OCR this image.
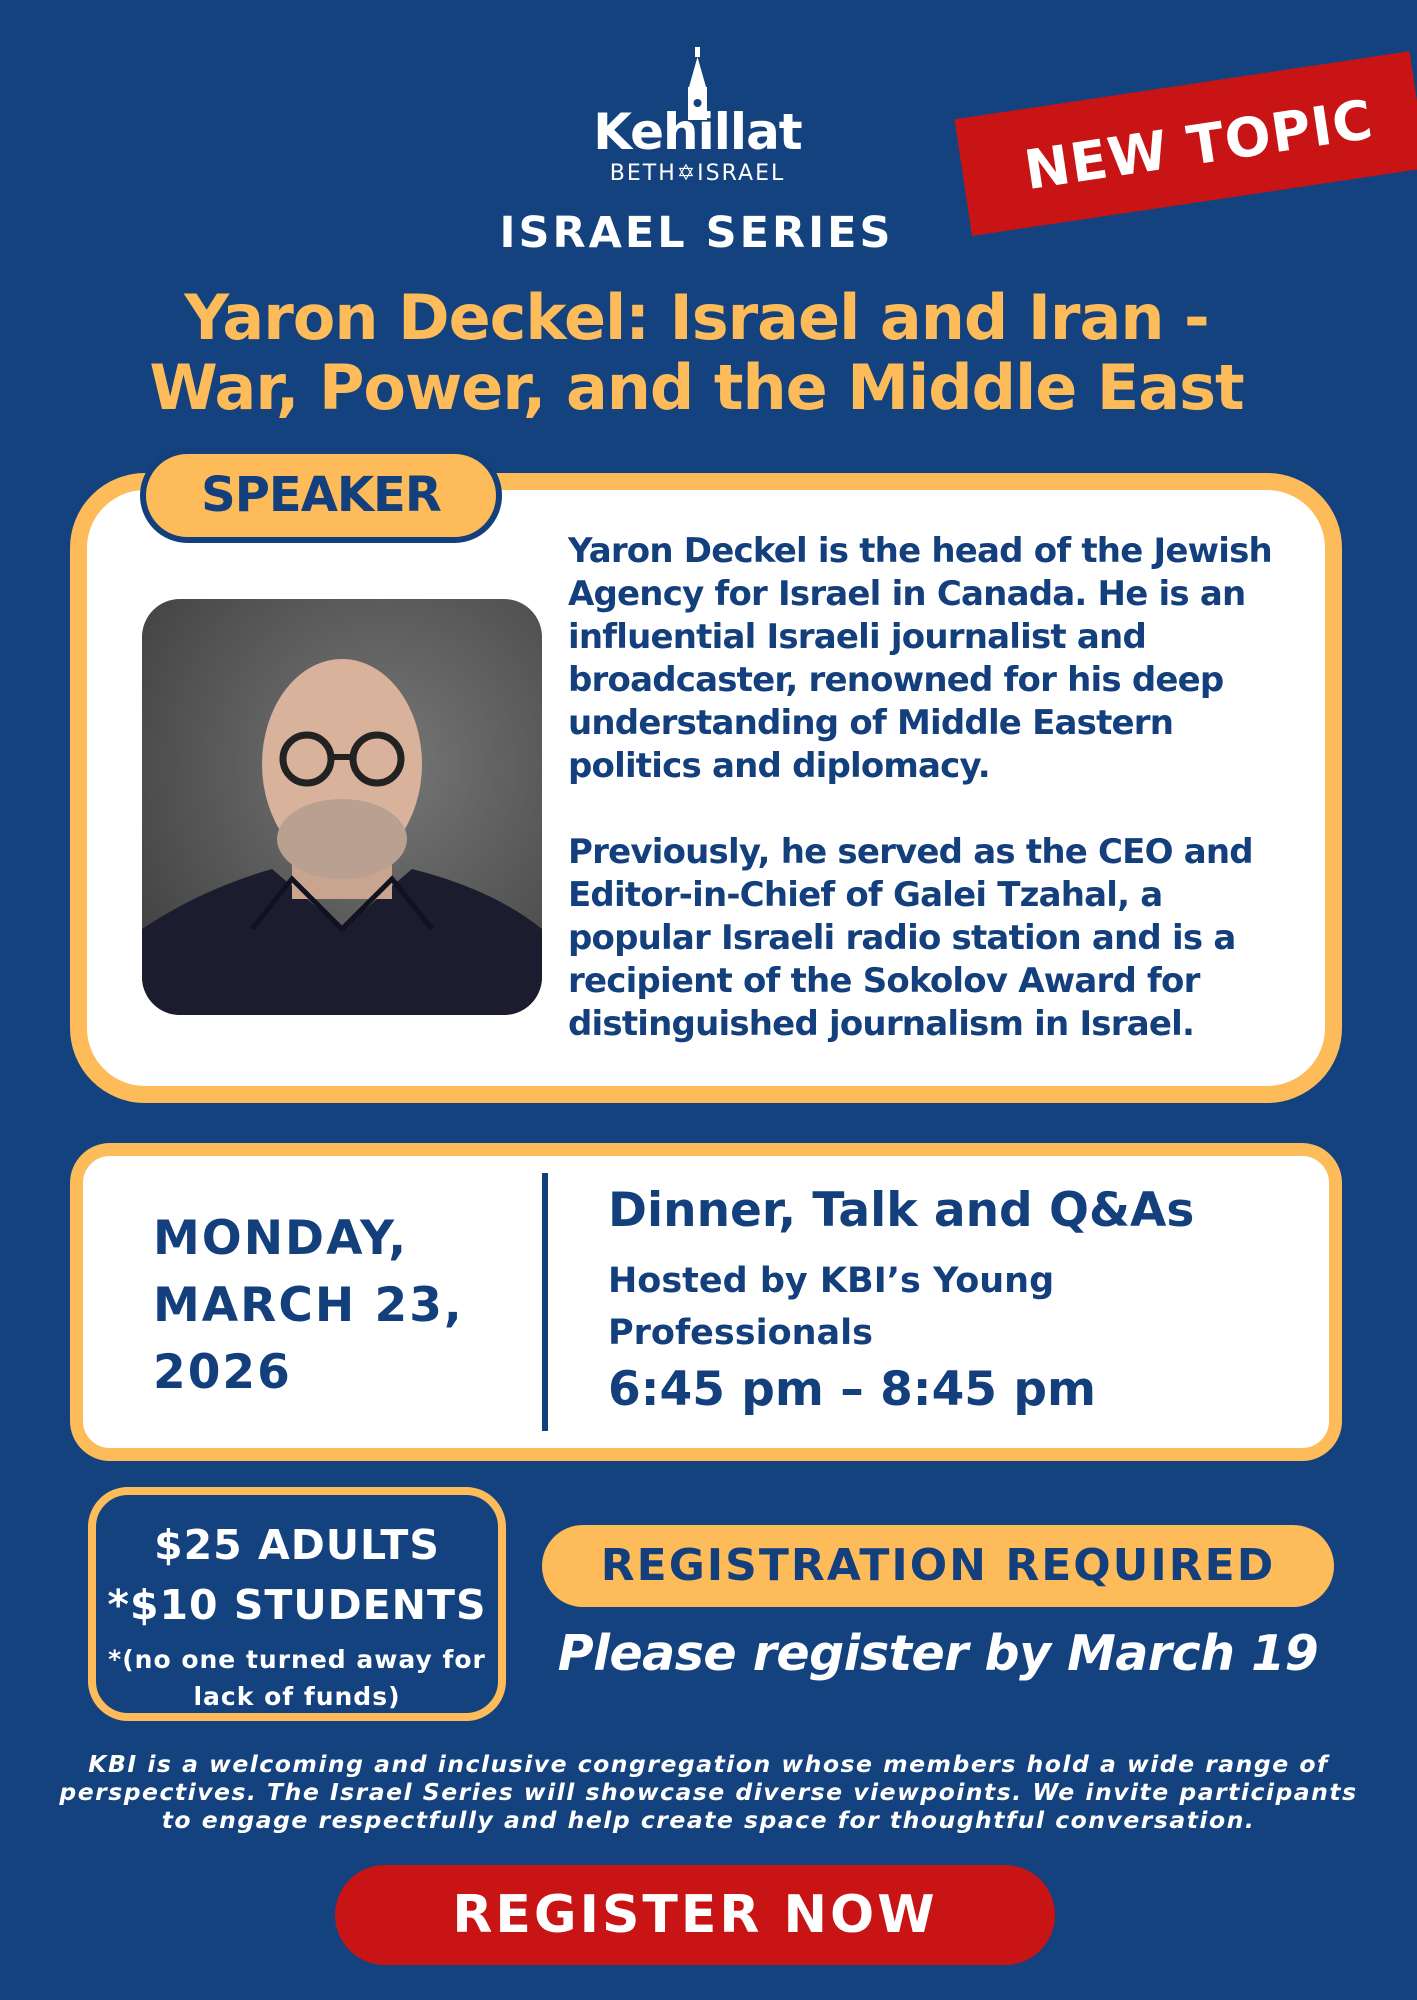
Kehillat
BETH✡ISRAEL	NEW TOPIC
ISRAEL SERIES
Yaron Deckel: Israel and Iran -
War, Power, and the Middle East
SPEAKER

Yaron Deckel is the head of the Jewish Agency for Israel in Canada. He is an influential Israeli journalist and broadcaster, renowned for his deep understanding of Middle Eastern politics and diplomacy.

Previously, he served as the CEO and Editor-in-Chief of Galei Tzahal, a popular Israeli radio station and is a recipient of the Sokolov Award for distinguished journalism in Israel.

MONDAY,
MARCH 23,
2026
Dinner, Talk and Q&As
Hosted by KBI’s Young Professionals
6:45 pm – 8:45 pm
$25 ADULTS
*$10 STUDENTS
*(no one turned away for lack of funds)
REGISTRATION REQUIRED
Please register by March 19
KBI is a welcoming and inclusive congregation whose members hold a wide range of perspectives. The Israel Series will showcase diverse viewpoints. We invite participants to engage respectfully and help create space for thoughtful conversation.
REGISTER NOW
